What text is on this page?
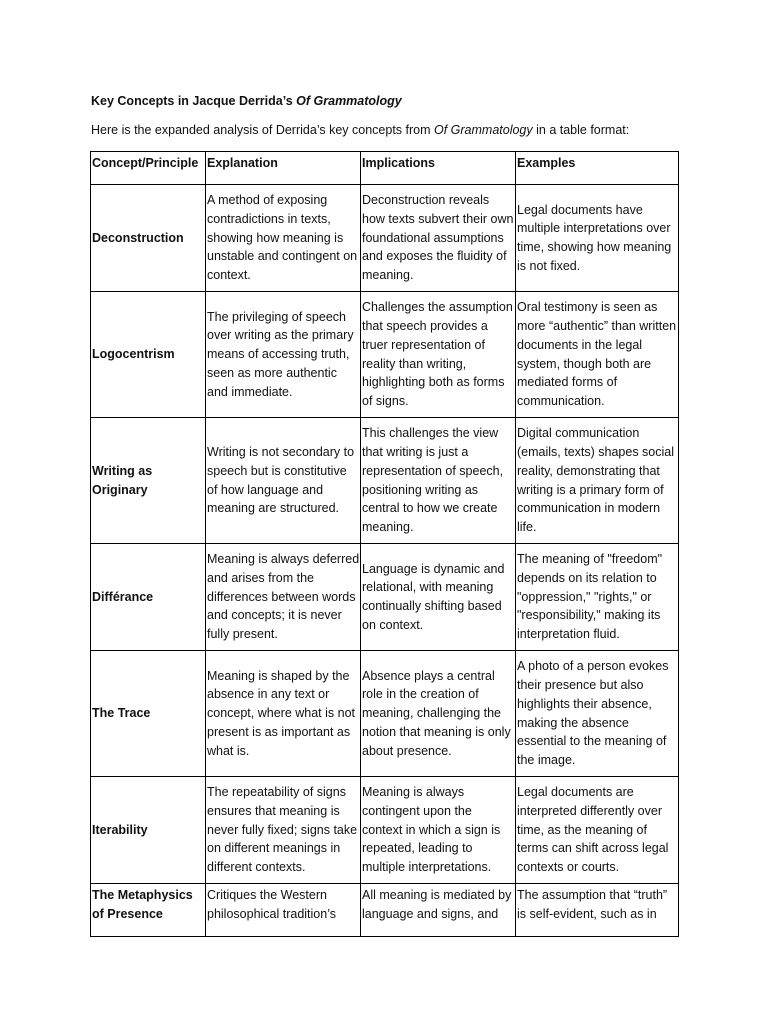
Key Concepts in Jacque Derrida’s Of Grammatology

Here is the expanded analysis of Derrida’s key concepts from Of Grammatology in a table format:

Concept/Principle	Explanation	Implications	Examples
Deconstruction	A method of exposing contradictions in texts, showing how meaning is unstable and contingent on context.	Deconstruction reveals how texts subvert their own foundational assumptions and exposes the fluidity of meaning.	Legal documents have multiple interpretations over time, showing how meaning is not fixed.
Logocentrism	The privileging of speech over writing as the primary means of accessing truth, seen as more authentic and immediate.	Challenges the assumption that speech provides a truer representation of reality than writing, highlighting both as forms of signs.	Oral testimony is seen as more “authentic” than written documents in the legal system, though both are mediated forms of communication.
Writing as Originary	Writing is not secondary to speech but is constitutive of how language and meaning are structured.	This challenges the view that writing is just a representation of speech, positioning writing as central to how we create meaning.	Digital communication (emails, texts) shapes social reality, demonstrating that writing is a primary form of communication in modern life.
Différance	Meaning is always deferred and arises from the differences between words and concepts; it is never fully present.	Language is dynamic and relational, with meaning continually shifting based on context.	The meaning of "freedom" depends on its relation to "oppression," "rights," or "responsibility," making its interpretation fluid.
The Trace	Meaning is shaped by the absence in any text or concept, where what is not present is as important as what is.	Absence plays a central role in the creation of meaning, challenging the notion that meaning is only about presence.	A photo of a person evokes their presence but also highlights their absence, making the absence essential to the meaning of the image.
Iterability	The repeatability of signs ensures that meaning is never fully fixed; signs take on different meanings in different contexts.	Meaning is always contingent upon the context in which a sign is repeated, leading to multiple interpretations.	Legal documents are interpreted differently over time, as the meaning of terms can shift across legal contexts or courts.
The Metaphysics of Presence	Critiques the Western philosophical tradition’s	All meaning is mediated by language and signs, and	The assumption that “truth” is self-evident, such as in
